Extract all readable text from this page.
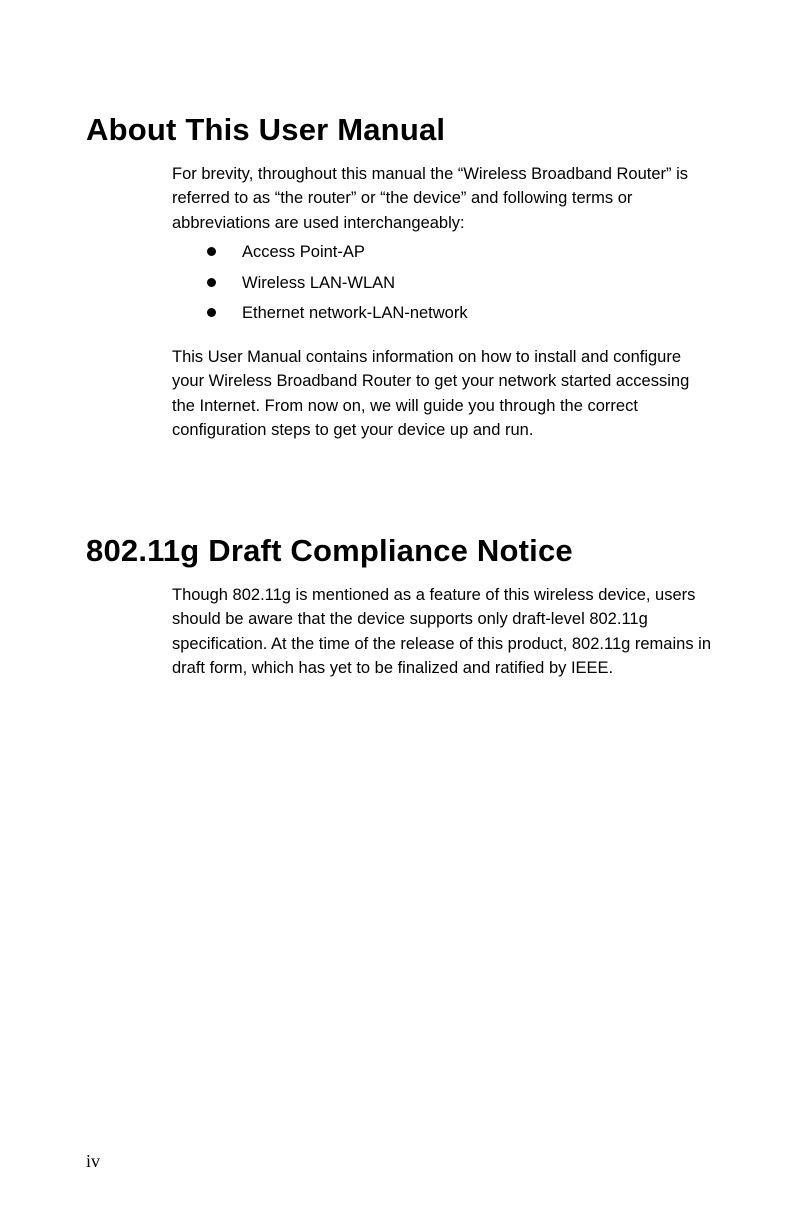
About This User Manual

For brevity, throughout this manual the “Wireless Broadband Router” is referred to as “the router” or “the device” and following terms or abbreviations are used interchangeably:

Access Point-AP
Wireless LAN-WLAN
Ethernet network-LAN-network

This User Manual contains information on how to install and configure your Wireless Broadband Router to get your network started accessing the Internet. From now on, we will guide you through the correct configuration steps to get your device up and run.

802.11g Draft Compliance Notice

Though 802.11g is mentioned as a feature of this wireless device, users should be aware that the device supports only draft-level 802.11g specification. At the time of the release of this product, 802.11g remains in draft form, which has yet to be finalized and ratified by IEEE.

iv
